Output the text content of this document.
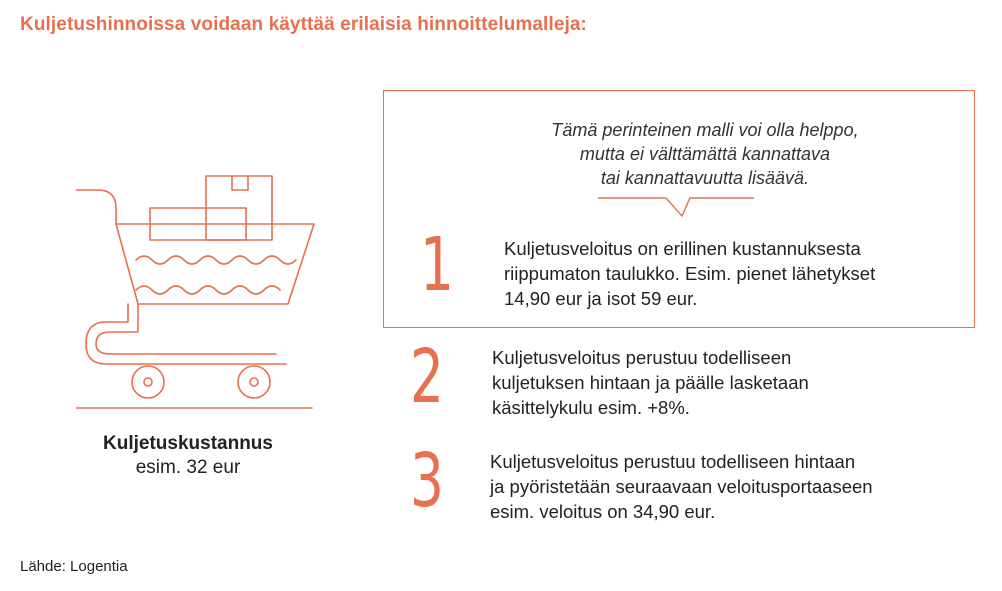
Kuljetushinnoissa voidaan käyttää erilaisia hinnoittelumalleja:
Kuljetuskustannus
esim. 32 eur
Tämä perinteinen malli voi olla helppo,
mutta ei välttämättä kannattava
tai kannattavuutta lisäävä.
1	Kuljetusveloitus on erillinen kustannuksesta
riippumaton taulukko. Esim. pienet lähetykset
14,90 eur ja isot 59 eur.
2	Kuljetusveloitus perustuu todelliseen
kuljetuksen hintaan ja päälle lasketaan
käsittelykulu esim. +8%.
3 Kuljetusveloitus perustuu todelliseen hintaan
ja pyöristetään seuraavaan veloitusportaaseen
esim. veloitus on 34,90 eur.
Lähde: Logentia
